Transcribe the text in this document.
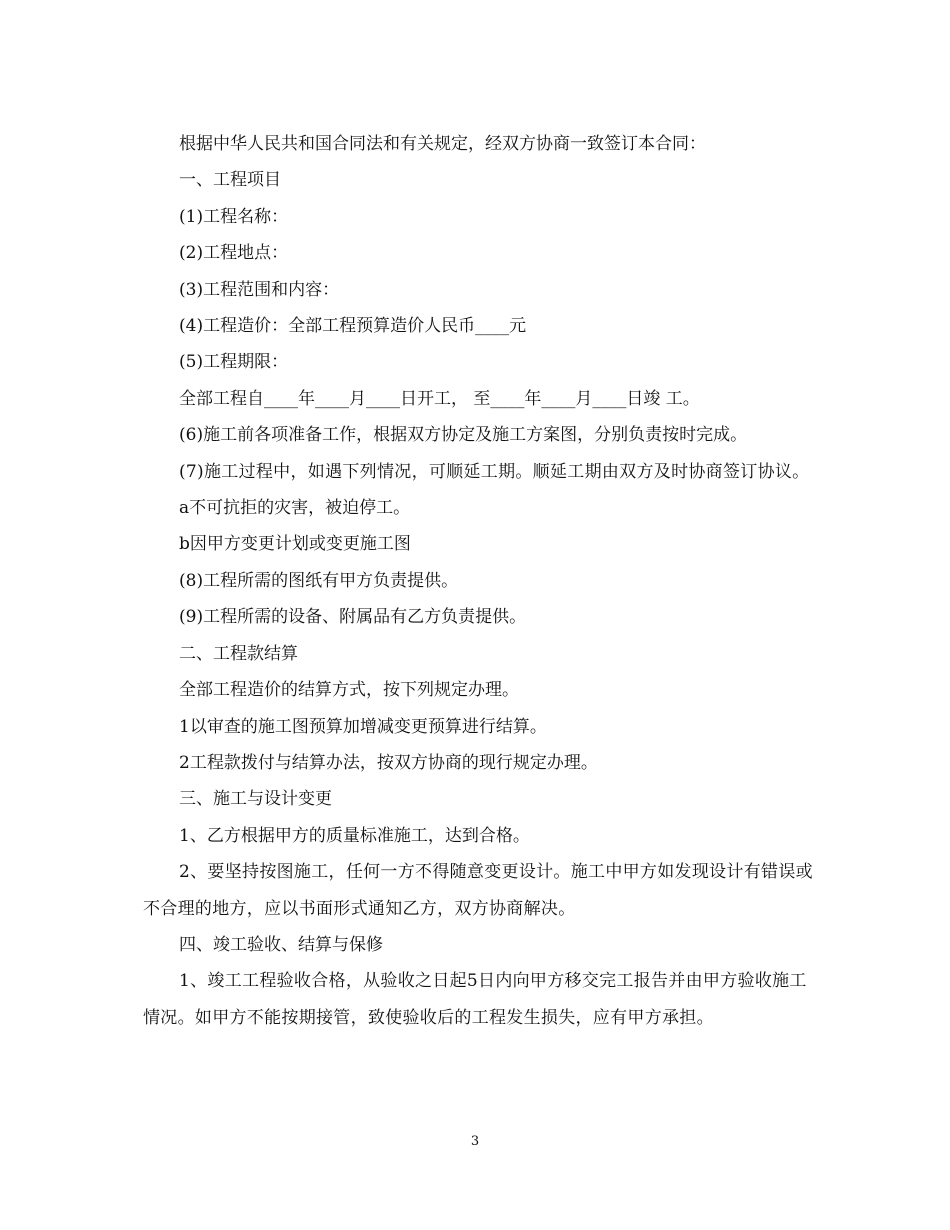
根据中华人民共和国合同法和有关规定，经双方协商一致签订本合同：

一、工程项目

(1)工程名称：

(2)工程地点：

(3)工程范围和内容：

(4)工程造价：全部工程预算造价人民币____元

(5)工程期限：

全部工程自____年____月____日开工， 至____年____月____日竣 工。

(6)施工前各项准备工作，根据双方协定及施工方案图，分别负责按时完成。

(7)施工过程中，如遇下列情况，可顺延工期。顺延工期由双方及时协商签订协议。

a不可抗拒的灾害，被迫停工。

b因甲方变更计划或变更施工图

(8)工程所需的图纸有甲方负责提供。

(9)工程所需的设备、附属品有乙方负责提供。

二、工程款结算

全部工程造价的结算方式，按下列规定办理。

1以审查的施工图预算加增减变更预算进行结算。

2工程款拨付与结算办法，按双方协商的现行规定办理。

三、施工与设计变更

1、乙方根据甲方的质量标准施工，达到合格。

2、要坚持按图施工，任何一方不得随意变更设计。施工中甲方如发现设计有错误或不合理的地方，应以书面形式通知乙方，双方协商解决。

四、竣工验收、结算与保修

1、竣工工程验收合格，从验收之日起5日内向甲方移交完工报告并由甲方验收施工情况。如甲方不能按期接管，致使验收后的工程发生损失，应有甲方承担。

3
